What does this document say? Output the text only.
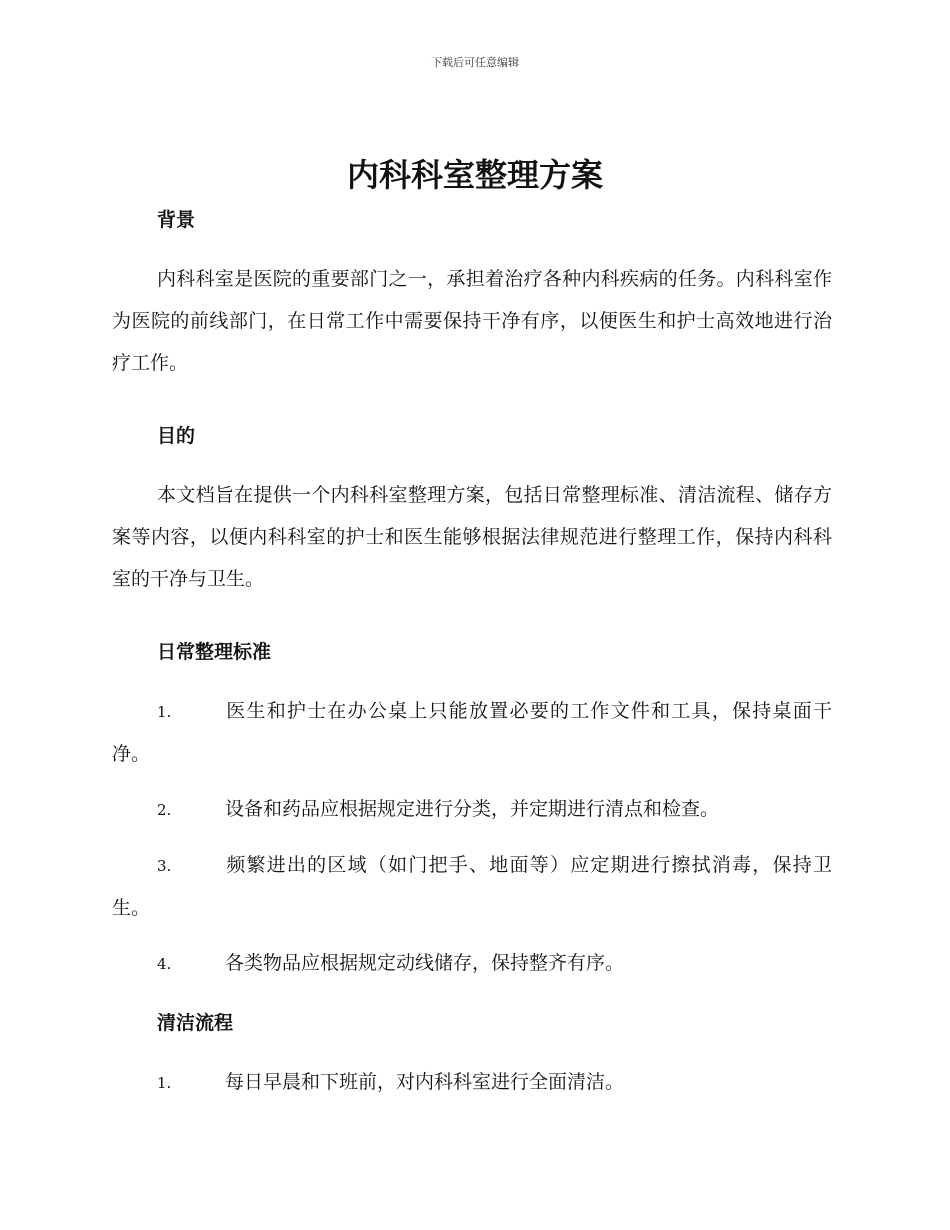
下载后可任意编辑
内科科室整理方案
背景

内科科室是医院的重要部门之一，承担着治疗各种内科疾病的任务。内科科室作为医院的前线部门，在日常工作中需要保持干净有序，以便医生和护士高效地进行治疗工作。

目的

本文档旨在提供一个内科科室整理方案，包括日常整理标准、清洁流程、储存方案等内容，以便内科科室的护士和医生能够根据法律规范进行整理工作，保持内科科室的干净与卫生。

日常整理标准

1.	医生和护士在办公桌上只能放置必要的工作文件和工具，保持桌面干净。

2.	设备和药品应根据规定进行分类，并定期进行清点和检查。

3.	频繁进出的区域（如门把手、地面等）应定期进行擦拭消毒，保持卫生。

4.	各类物品应根据规定动线储存，保持整齐有序。

清洁流程

1.	每日早晨和下班前，对内科科室进行全面清洁。
